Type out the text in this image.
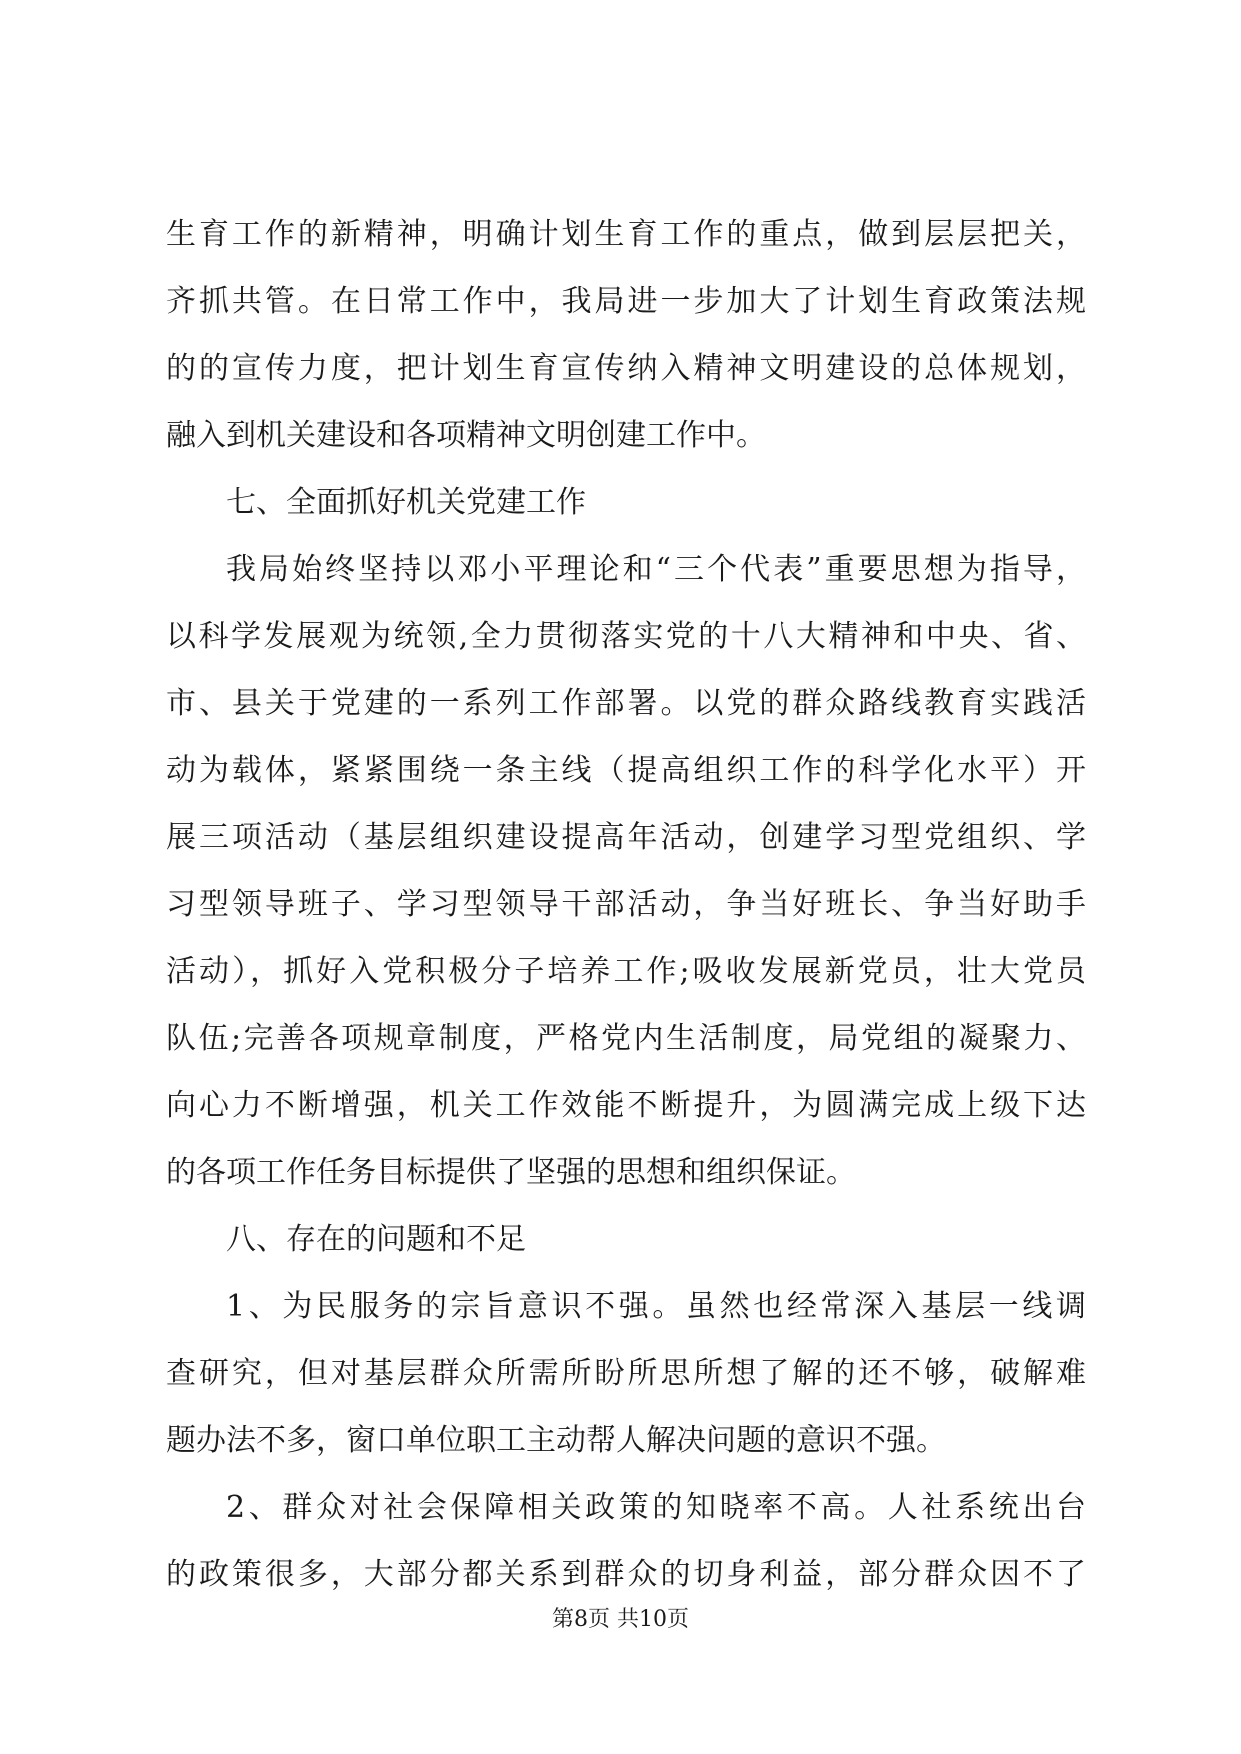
生育工作的新精神，明确计划生育工作的重点，做到层层把关，
齐抓共管。在日常工作中，我局进一步加大了计划生育政策法规
的的宣传力度，把计划生育宣传纳入精神文明建设的总体规划，
融入到机关建设和各项精神文明创建工作中。
七、全面抓好机关党建工作
我局始终坚持以邓小平理论和“三个代表”重要思想为指导，
以科学发展观为统领,全力贯彻落实党的十八大精神和中央、省、
市、县关于党建的一系列工作部署。以党的群众路线教育实践活
动为载体，紧紧围绕一条主线（提高组织工作的科学化水平）开
展三项活动（基层组织建设提高年活动，创建学习型党组织、学
习型领导班子、学习型领导干部活动，争当好班长、争当好助手
活动），抓好入党积极分子培养工作;吸收发展新党员，壮大党员
队伍;完善各项规章制度，严格党内生活制度，局党组的凝聚力、
向心力不断增强，机关工作效能不断提升，为圆满完成上级下达
的各项工作任务目标提供了坚强的思想和组织保证。
八、存在的问题和不足
1、为民服务的宗旨意识不强。虽然也经常深入基层一线调
查研究，但对基层群众所需所盼所思所想了解的还不够，破解难
题办法不多，窗口单位职工主动帮人解决问题的意识不强。
2、群众对社会保障相关政策的知晓率不高。人社系统出台
的政策很多，大部分都关系到群众的切身利益，部分群众因不了
第8页 共10页
